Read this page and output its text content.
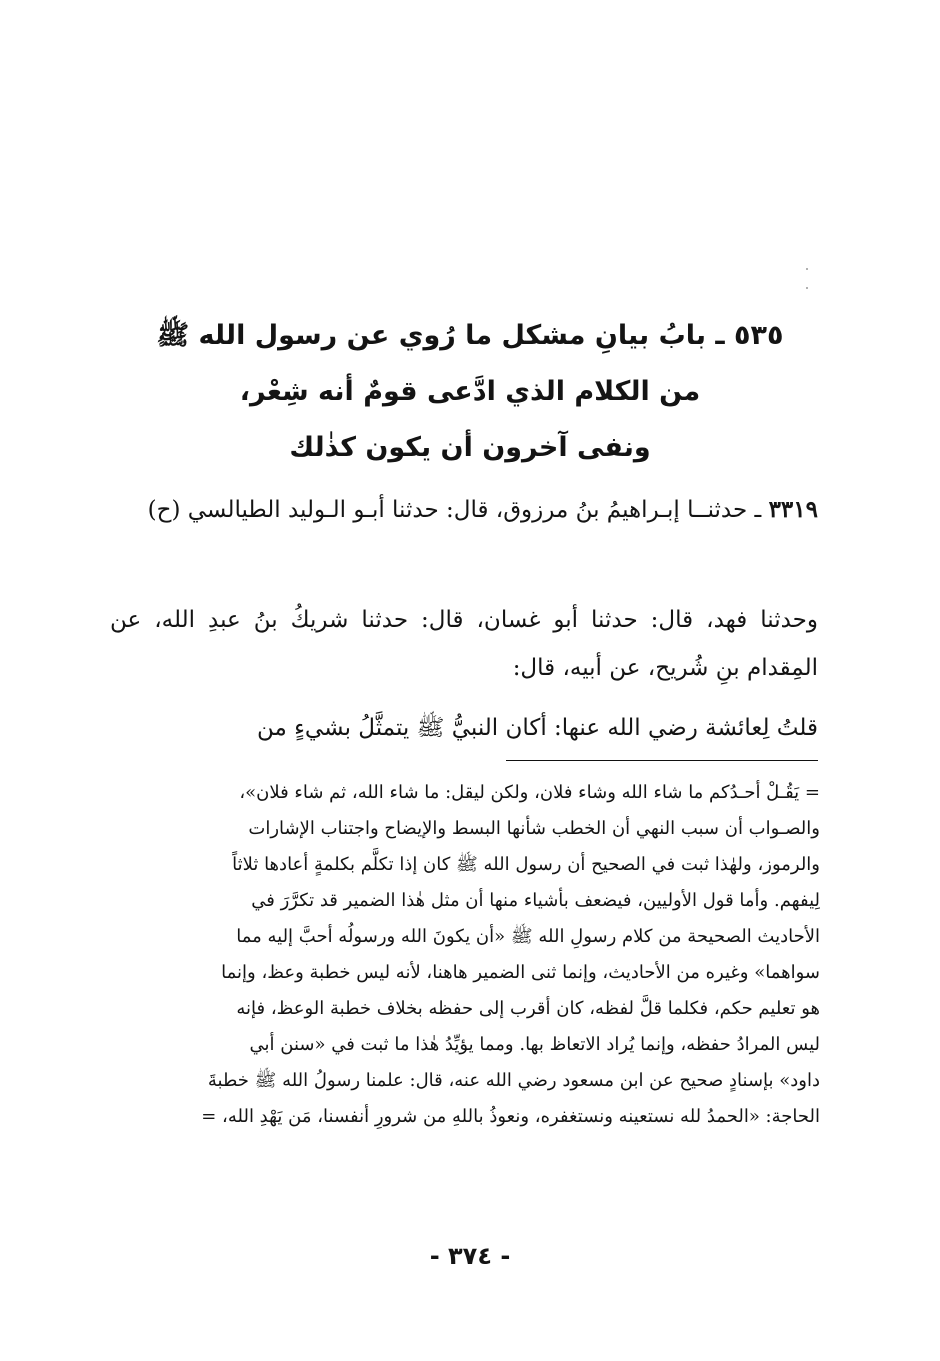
٥٣٥ ـ بابُ بيانِ مشكل ما رُوي عن رسول الله ﷺ
من الكلام الذي ادَّعى قومٌ أنه شِعْر،
ونفى آخرون أن يكون كذٰلك
٣٣١٩ ـ حدثنــا إبـراهيمُ بنُ مرزوق، قال: حدثنا أبـو الـوليد الطيالسي (ح)
وحدثنا فهد، قال: حدثنا أبو غسان، قال: حدثنا شريكُ بنُ عبدِ الله، عن المِقدام بنِ شُريح، عن أبيه، قال:
قلتُ لِعائشة رضي الله عنها: أكان النبيُّ ﷺ يتمثَّلُ بشيءٍ من
= يَقُـلْ أحـدُكم ما شاء الله وشاء فلان، ولكن ليقل: ما شاء الله، ثم شاء فلان»،
والصـواب أن سبب النهي أن الخطب شأنها البسط والإيضاح واجتناب الإشارات
والرموز، ولهٰذا ثبت في الصحيح أن رسول الله ﷺ كان إذا تكلَّم بكلمةٍ أعادها ثلاثاً
لِيفهم. وأما قول الأوليين، فيضعف بأشياء منها أن مثل هٰذا الضمير قد تكرَّرَ في
الأحاديث الصحيحة من كلام رسولِ الله ﷺ «أن يكونَ الله ورسولُه أحبَّ إليه مما
سواهما» وغيره من الأحاديث، وإنما ثنى الضمير هاهنا، لأنه ليس خطبة وعظ، وإنما
هو تعليم حكم، فكلما قلَّ لفظه، كان أقرب إلى حفظه بخلاف خطبة الوعظ، فإنه
ليس المرادُ حفظه، وإنما يُراد الاتعاظ بها. ومما يؤيِّدُ هٰذا ما ثبت في «سنن أبي
داود» بإسنادٍ صحيح عن ابن مسعود رضي الله عنه، قال: علمنا رسولُ الله ﷺ خطبةَ
الحاجة: «الحمدُ لله نستعينه ونستغفره، ونعوذُ باللهِ من شرورِ أنفسنا، مَن يَهْدِ الله، =
- ٣٧٤ -
